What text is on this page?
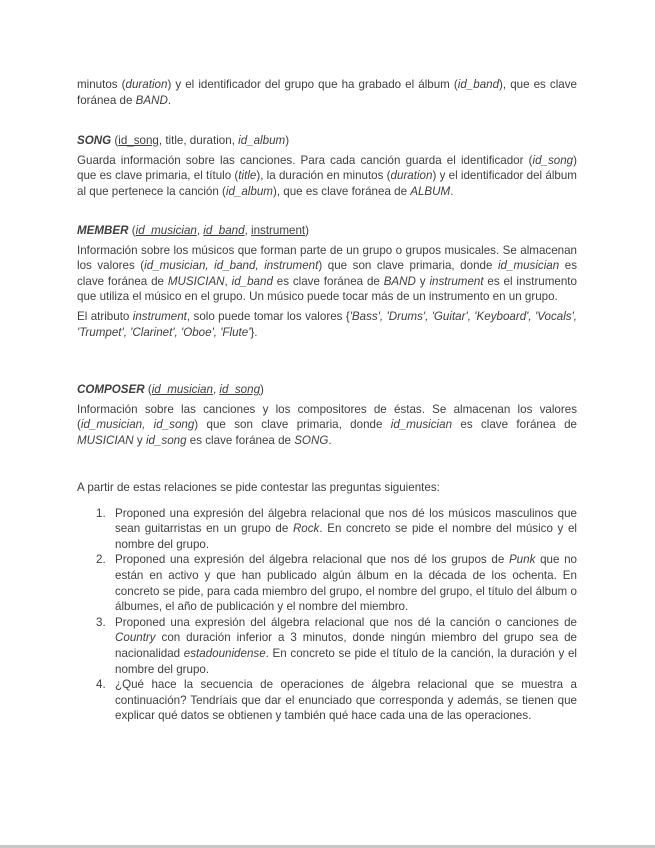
minutos (duration) y el identificador del grupo que ha grabado el álbum (id_band), que es clave foránea de BAND.

SONG (id_song, title, duration, id_album)

Guarda información sobre las canciones. Para cada canción guarda el identificador (id_song) que es clave primaria, el título (title), la duración en minutos (duration) y el identificador del álbum al que pertenece la canción (id_album), que es clave foránea de ALBUM.

MEMBER (id_musician, id_band, instrument)

Información sobre los músicos que forman parte de un grupo o grupos musicales. Se almacenan los valores (id_musician, id_band, instrument) que son clave primaria, donde id_musician es clave foránea de MUSICIAN, id_band es clave foránea de BAND y instrument es el instrumento que utiliza el músico en el grupo. Un músico puede tocar más de un instrumento en un grupo.

El atributo instrument, solo puede tomar los valores {'Bass', 'Drums', 'Guitar', 'Keyboard', 'Vocals', 'Trumpet', 'Clarinet', 'Oboe', 'Flute'}.

COMPOSER (id_musician, id_song)

Información sobre las canciones y los compositores de éstas. Se almacenan los valores (id_musician, id_song) que son clave primaria, donde id_musician es clave foránea de MUSICIAN y id_song es clave foránea de SONG.

A partir de estas relaciones se pide contestar las preguntas siguientes:

1. Proponed una expresión del álgebra relacional que nos dé los músicos masculinos que sean guitarristas en un grupo de Rock. En concreto se pide el nombre del músico y el nombre del grupo.
2. Proponed una expresión del álgebra relacional que nos dé los grupos de Punk que no están en activo y que han publicado algún álbum en la década de los ochenta. En concreto se pide, para cada miembro del grupo, el nombre del grupo, el título del álbum o álbumes, el año de publicación y el nombre del miembro.
3. Proponed una expresión del álgebra relacional que nos dé la canción o canciones de Country con duración inferior a 3 minutos, donde ningún miembro del grupo sea de nacionalidad estadounidense. En concreto se pide el título de la canción, la duración y el nombre del grupo.
4. ¿Qué hace la secuencia de operaciones de álgebra relacional que se muestra a continuación? Tendríais que dar el enunciado que corresponda y además, se tienen que explicar qué datos se obtienen y también qué hace cada una de las operaciones.
